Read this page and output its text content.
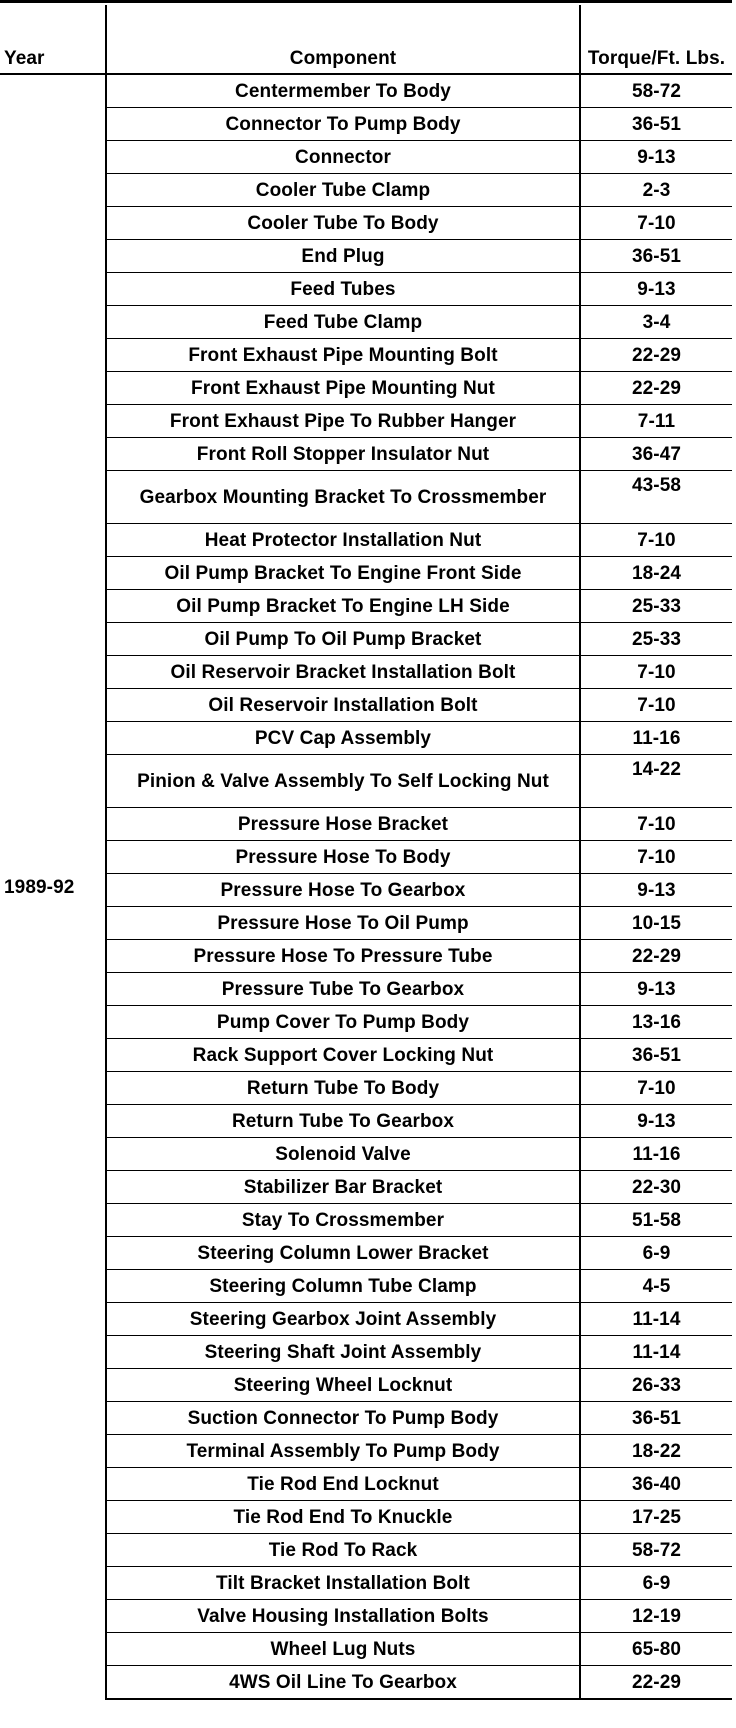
Year	Component	Torque/Ft. Lbs.
1989-92	Centermember To Body	58-72
	Connector To Pump Body	36-51
	Connector	9-13
	Cooler Tube Clamp	2-3
	Cooler Tube To Body	7-10
	End Plug	36-51
	Feed Tubes	9-13
	Feed Tube Clamp	3-4
	Front Exhaust Pipe Mounting Bolt	22-29
	Front Exhaust Pipe Mounting Nut	22-29
	Front Exhaust Pipe To Rubber Hanger	7-11
	Front Roll Stopper Insulator Nut	36-47
	Gearbox Mounting Bracket To Crossmember	43-58
	Heat Protector Installation Nut	7-10
	Oil Pump Bracket To Engine Front Side	18-24
	Oil Pump Bracket To Engine LH Side	25-33
	Oil Pump To Oil Pump Bracket	25-33
	Oil Reservoir Bracket Installation Bolt	7-10
	Oil Reservoir Installation Bolt	7-10
	PCV Cap Assembly	11-16
	Pinion & Valve Assembly To Self Locking Nut	14-22
	Pressure Hose Bracket	7-10
	Pressure Hose To Body	7-10
	Pressure Hose To Gearbox	9-13
	Pressure Hose To Oil Pump	10-15
	Pressure Hose To Pressure Tube	22-29
	Pressure Tube To Gearbox	9-13
	Pump Cover To Pump Body	13-16
	Rack Support Cover Locking Nut	36-51
	Return Tube To Body	7-10
	Return Tube To Gearbox	9-13
	Solenoid Valve	11-16
	Stabilizer Bar Bracket	22-30
	Stay To Crossmember	51-58
	Steering Column Lower Bracket	6-9
	Steering Column Tube Clamp	4-5
	Steering Gearbox Joint Assembly	11-14
	Steering Shaft Joint Assembly	11-14
	Steering Wheel Locknut	26-33
	Suction Connector To Pump Body	36-51
	Terminal Assembly To Pump Body	18-22
	Tie Rod End Locknut	36-40
	Tie Rod End To Knuckle	17-25
	Tie Rod To Rack	58-72
	Tilt Bracket Installation Bolt	6-9
	Valve Housing Installation Bolts	12-19
	Wheel Lug Nuts	65-80
	4WS Oil Line To Gearbox	22-29
